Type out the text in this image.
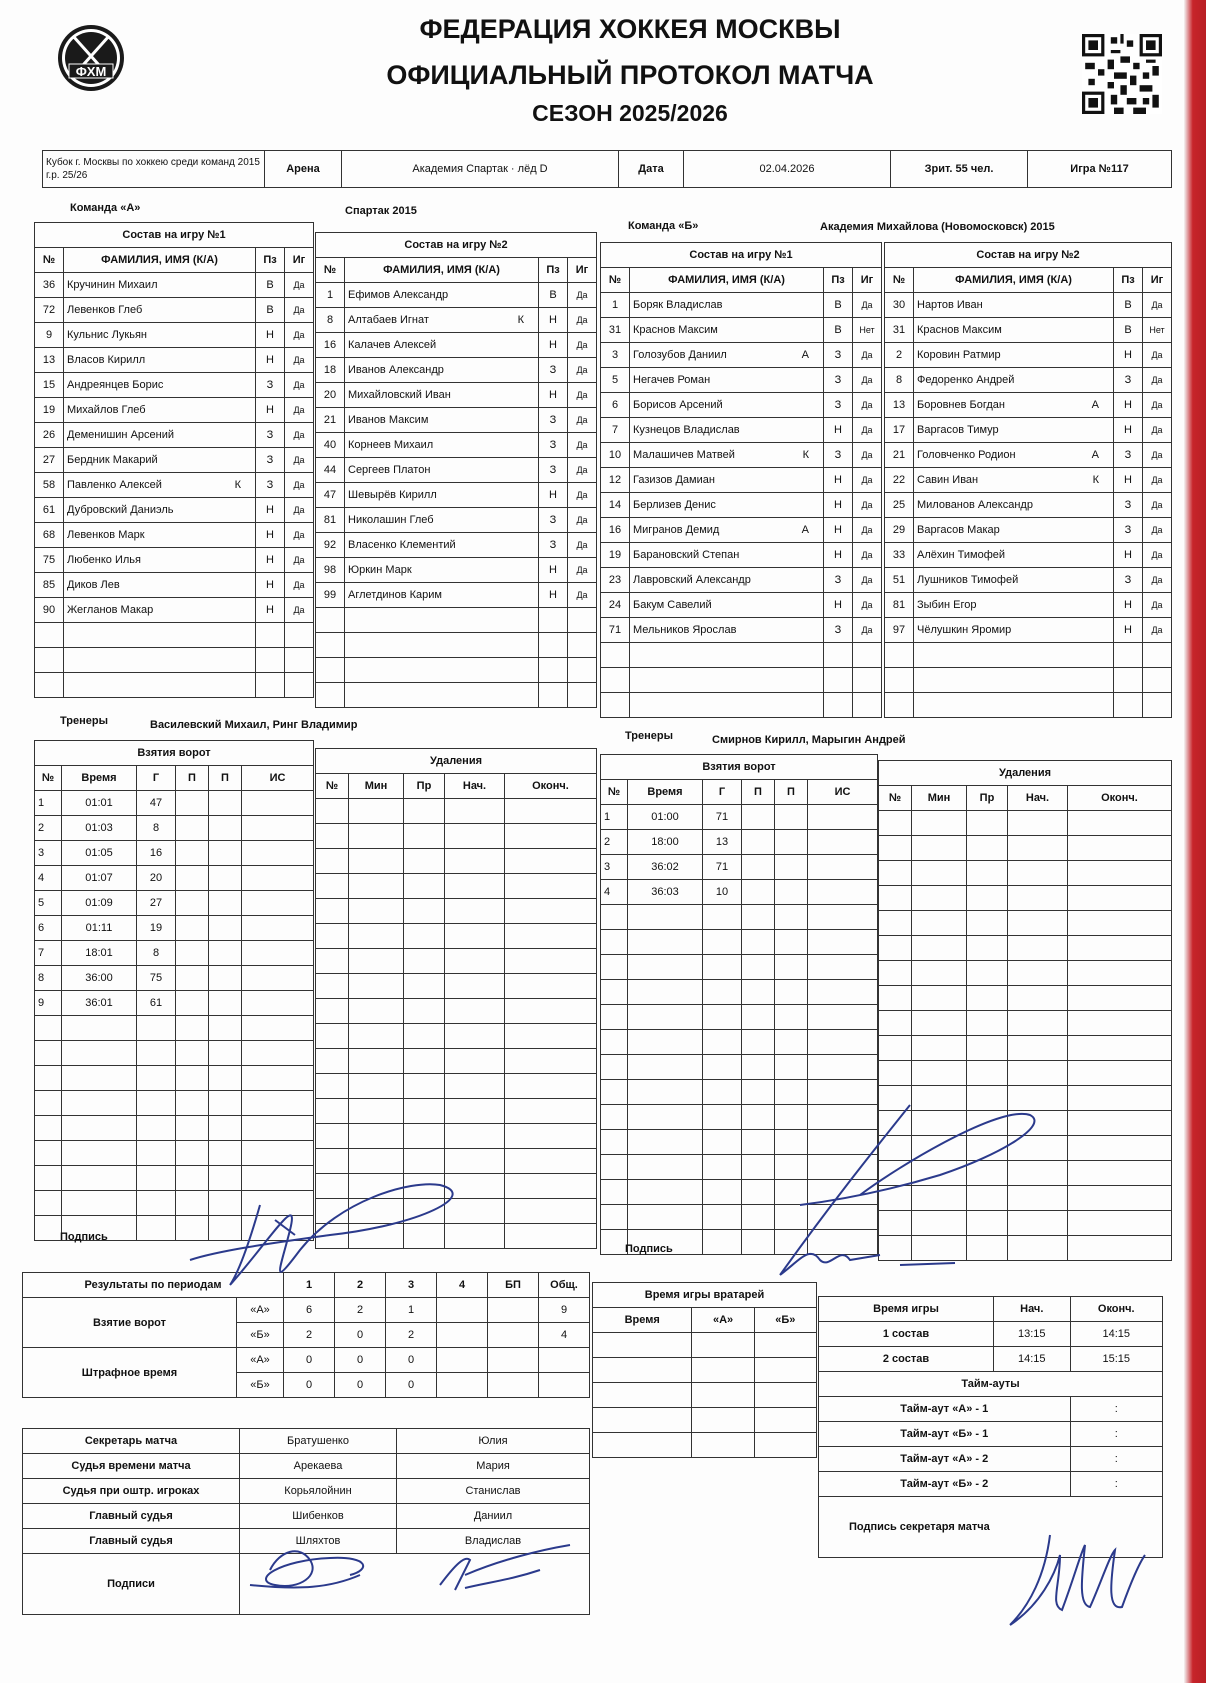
ФХМ
ФЕДЕРАЦИЯ ХОККЕЯ МОСКВЫ
ОФИЦИАЛЬНЫЙ ПРОТОКОЛ МАТЧА
СЕЗОН 2025/2026
Кубок г. Москвы по хоккею среди команд 2015 г.р. 25/26	Арена	Академия Спартак · лёд D	Дата	02.04.2026	Зрит. 55 чел.	Игра №117
Команда «А»	Спартак 2015
Команда «Б»	Академия Михайлова (Новомосковск) 2015
Состав на игру №1			
№	ФАМИЛИЯ, ИМЯ (К/А)	Пз	Иг
36	Кручинин Михаил	В	Да
72	Левенков Глеб	В	Да
9	Кульнис Лукьян	Н	Да
13	Власов Кирилл	Н	Да
15	Андреянцев Борис	З	Да
19	Михайлов Глеб	Н	Да
26	Деменишин Арсений	З	Да
27	Бердник Макарий	З	Да
58	Павленко Алексей К	З	Да
61	Дубровский Даниэль	Н	Да
68	Левенков Марк	Н	Да
75	Любенко Илья	Н	Да
85	Диков Лев	Н	Да
90	Жегланов Макар	Н	Да

Состав на игру №2			
№	ФАМИЛИЯ, ИМЯ (К/А)	Пз	Иг
1	Ефимов Александр	В	Да
8	Алтабаев Игнат К	Н	Да
16	Калачев Алексей	Н	Да
18	Иванов Александр	З	Да
20	Михайловский Иван	Н	Да
21	Иванов Максим	З	Да
40	Корнеев Михаил	З	Да
44	Сергеев Платон	З	Да
47	Шевырёв Кирилл	Н	Да
81	Николашин Глеб	З	Да
92	Власенко Клементий	З	Да
98	Юркин Марк	Н	Да
99	Аглетдинов Карим	Н	Да

Состав на игру №1			
№	ФАМИЛИЯ, ИМЯ (К/А)	Пз	Иг
1	Боряк Владислав	В	Да
31	Краснов Максим	В	Нет
3	Голозубов Даниил А	З	Да
5	Негачев Роман	З	Да
6	Борисов Арсений	З	Да
7	Кузнецов Владислав	Н	Да
10	Малашичев Матвей К	З	Да
12	Газизов Дамиан	Н	Да
14	Берлизев Денис	Н	Да
16	Мигранов Демид А	Н	Да
19	Барановский Степан	Н	Да
23	Лавровский Александр	З	Да
24	Бакум Савелий	Н	Да
71	Мельников Ярослав	З	Да

Состав на игру №2			
№	ФАМИЛИЯ, ИМЯ (К/А)	Пз	Иг
30	Нартов Иван	В	Да
31	Краснов Максим	В	Нет
2	Коровин Ратмир	Н	Да
8	Федоренко Андрей	З	Да
13	Боровнев Богдан А	Н	Да
17	Варгасов Тимур	Н	Да
21	Головченко Родион А	З	Да
22	Савин Иван К	Н	Да
25	Милованов Александр	З	Да
29	Варгасов Макар	З	Да
33	Алёхин Тимофей	Н	Да
51	Лушников Тимофей	З	Да
81	Зыбин Егор	Н	Да
97	Чёлушкин Яромир	Н	Да

Тренеры	Василевский Михаил, Ринг Владимир
Тренеры	Смирнов Кирилл, Марыгин Андрей
Взятия ворот					
№	Время	Г	П	П	ИС
1	01:01	47			
2	01:03	8			
3	01:05	16			
4	01:07	20			
5	01:09	27			
6	01:11	19			
7	18:01	8			
8	36:00	75			
9	36:01	61			

Удаления				
№	Мин	Пр	Нач.	Оконч.

Взятия ворот					
№	Время	Г	П	П	ИС
1	01:00	71			
2	18:00	13			
3	36:02	71			
4	36:03	10			

Удаления				
№	Мин	Пр	Нач.	Оконч.

Подпись
Подпись
Результаты по периодам		1	2	3	4	БП	Общ.
Взятие ворот	«А»	6	2	1			9
	«Б»	2	0	2			4
Штрафное время	«А»	0	0	0			
	«Б»	0	0	0			
Время игры вратарей		
Время	«А»	«Б»

Время игры	Нач.	Оконч.
1 состав	13:15	14:15
2 состав	14:15	15:15
Тайм-ауты		
Тайм-аут «А» - 1		:
Тайм-аут «Б» - 1		:
Тайм-аут «А» - 2		:
Тайм-аут «Б» - 2		:
Подпись секретаря матча		
Секретарь матча	Братушенко	Юлия
Судья времени матча	Арекаева	Мария
Судья при оштр. игроках	Корьялойнин	Станислав
Главный судья	Шибенков	Даниил
Главный судья	Шляхтов	Владислав
Подписи		
